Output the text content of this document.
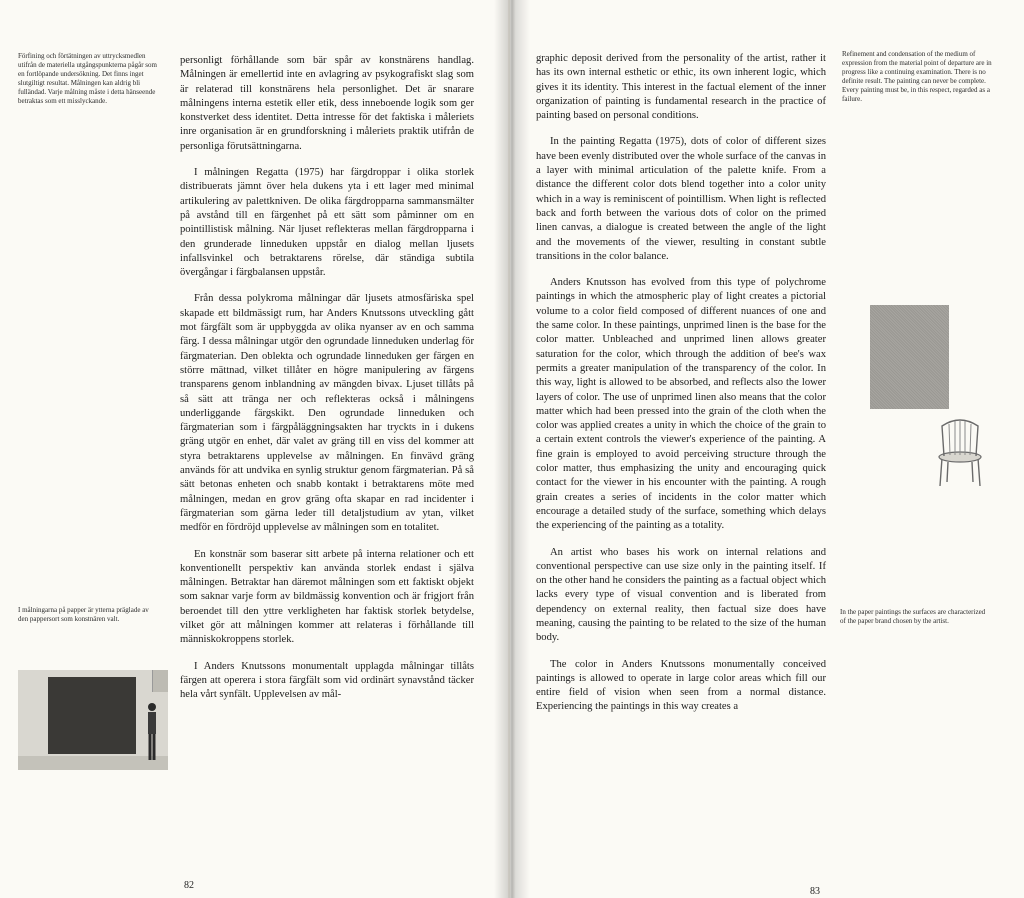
Förfining och förtätningen av uttrycksmedlen utifrån de materiella utgångspunkterna pågår som en fortlöpande undersökning. Det finns inget slutgiltigt resultat. Målningen kan aldrig bli fulländad. Varje målning måste i detta hänseende betraktas som ett misslyckande.

personligt förhållande som bär spår av konstnärens handlag. Målningen är emellertid inte en avlagring av psykografiskt slag som är relaterad till konstnärens hela personlighet. Det är snarare målningens interna estetik eller etik, dess inneboende logik som ger konstverket dess identitet. Detta intresse för det faktiska i måleriets inre organisation är en grundforskning i måleriets praktik utifrån de personliga förutsättningarna.

I målningen Regatta (1975) har färgdroppar i olika storlek distribuerats jämnt över hela dukens yta i ett lager med minimal artikulering av palettkniven. De olika färgdropparna sammansmälter på avstånd till en färgenhet på ett sätt som påminner om en pointillistisk målning. När ljuset reflekteras mellan färgdropparna i den grunderade linneduken uppstår en dialog mellan ljusets infallsvinkel och betraktarens rörelse, där ständiga subtila övergångar i färgbalansen uppstår.

Från dessa polykroma målningar där ljusets atmosfäriska spel skapade ett bildmässigt rum, har Anders Knutssons utveckling gått mot färgfält som är uppbyggda av olika nyanser av en och samma färg. I dessa målningar utgör den ogrundade linneduken underlag för färgmaterian. Den oblekta och ogrundade linneduken ger färgen en större mättnad, vilket tillåter en högre manipulering av färgens transparens genom inblandning av mängden bivax. Ljuset tillåts på så sätt att tränga ner och reflekteras också i målningens underliggande färgskikt. Den ogrundade linneduken och färgmaterian som i färgpåläggningsakten har tryckts in i dukens gräng utgör en enhet, där valet av gräng till en viss del kommer att styra betraktarens upplevelse av målningen. En finvävd gräng används för att undvika en synlig struktur genom färgmaterian. På så sätt betonas enheten och snabb kontakt i betraktarens möte med målningen, medan en grov gräng ofta skapar en rad incidenter i färgmaterian som gärna leder till detaljstudium av ytan, vilket medför en fördröjd upplevelse av målningen som en totalitet.

En konstnär som baserar sitt arbete på interna relationer och ett konventionellt perspektiv kan använda storlek endast i själva målningen. Betraktar han däremot målningen som ett faktiskt objekt som saknar varje form av bildmässig konvention och är frigjort från beroendet till den yttre verkligheten har faktisk storlek betydelse, vilket gör att målningen kommer att relateras i förhållande till människokroppens storlek.

I Anders Knutssons monumentalt upplagda målningar tillåts färgen att operera i stora färgfält som vid ordinärt synavstånd täcker hela vårt synfält. Upplevelsen av mål-

I målningarna på papper är ytterna präglade av den pappersort som konstnären valt.
82

graphic deposit derived from the personality of the artist, rather it has its own internal esthetic or ethic, its own inherent logic, which gives it its identity. This interest in the factual element of the inner organization of painting is fundamental research in the practice of painting based on personal conditions.

In the painting Regatta (1975), dots of color of different sizes have been evenly distributed over the whole surface of the canvas in a layer with minimal articulation of the palette knife. From a distance the different color dots blend together into a color unity which in a way is reminiscent of pointillism. When light is reflected back and forth between the various dots of color on the primed linen canvas, a dialogue is created between the angle of the light and the movements of the viewer, resulting in constant subtle transitions in the color balance.

Anders Knutsson has evolved from this type of polychrome paintings in which the atmospheric play of light creates a pictorial volume to a color field composed of different nuances of one and the same color. In these paintings, unprimed linen is the base for the color matter. Unbleached and unprimed linen allows greater saturation for the color, which through the addition of bee's wax permits a greater manipulation of the transparency of the color. In this way, light is allowed to be absorbed, and reflects also the lower layers of color. The use of unprimed linen also means that the color matter which had been pressed into the grain of the cloth when the color was applied creates a unity in which the choice of the grain to a certain extent controls the viewer's experience of the painting. A fine grain is employed to avoid perceiving structure through the color matter, thus emphasizing the unity and encouraging quick contact for the viewer in his encounter with the painting. A rough grain creates a series of incidents in the color matter which encourage a detailed study of the surface, something which delays the experiencing of the painting as a totality.

An artist who bases his work on internal relations and conventional perspective can use size only in the painting itself. If on the other hand he considers the painting as a factual object which lacks every type of visual convention and is liberated from dependency on external reality, then factual size does have meaning, causing the painting to be related to the size of the human body.

The color in Anders Knutssons monumentally conceived paintings is allowed to operate in large color areas which fill our entire field of vision when seen from a normal distance. Experiencing the paintings in this way creates a

Refinement and condensation of the medium of expression from the material point of departure are in progress like a continuing examination. There is no definite result. The painting can never be complete. Every painting must be, in this respect, regarded as a failure.
In the paper paintings the surfaces are characterized of the paper brand chosen by the artist.
83
